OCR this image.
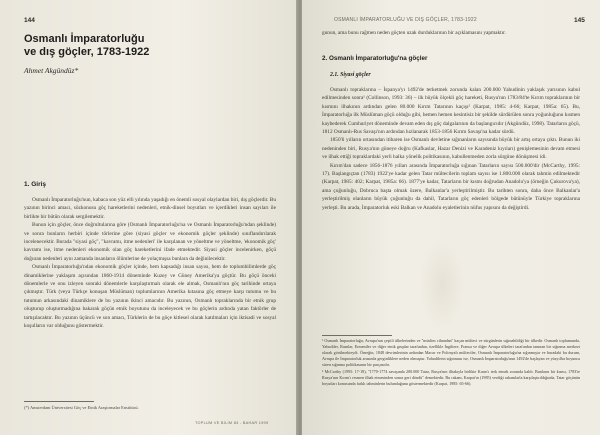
144
Osmanlı İmparatorluğu
ve dış göçler, 1783-1922
Ahmet Akgündüz*
1. Giriş

Osmanlı İmparatorluğu'nun, kabaca son yüz elli yılında yaşadığı en önemli sosyal olaylardan biri, dış göçlerdir. Bu yazının birinci amacı, sözkonusu göç hareketlerini nedenleri, etnik-dinsel boyutları ve içerdikleri insan sayıları ile birlikte bir bütün olarak sergilemektir.

Bunun için göçler, önce doğrultularına göre (Osmanlı İmparatorluğu'na ve Osmanlı İmparatorluğu'ndan şeklinde) ve sonra bunların herbiri içinde törlerine göre (siyasi göçler ve ekonomik göçler şeklinde) sınıflandırılarak incelenecektir. Burada "siyasi göç", "kavramı, itme nedenleri' ile karşılanan ve yöneltme ve yöneltme, 'ekonomik göç' kavramı ise, itme nedenleri ekonomik olan göç hareketlerini ifade etmektedir. Siyasi göçler incelenirken, göçü doğuran nedenleri aynı zamanda insanların ölümlerine de yolaçmışsa bunlara da değinilecektir.

Osmanlı İmparatorluğu'ndan ekonomik göçler içinde, hem kapsadığı insan sayısı, hem de toplumbilimlerde göç dinamiklerine yaklaşım açısından 1860-1914 döneminde Kuzey ve Güney Amerika'ya göçtür. Bu göçü önceki dönemlerle ve onu izleyen sonraki dönemlerle karşılaştırmalı olarak ele almak, Osmanlı'nın göç tarihinde ortaya çıkmıştır. Türk (veya Türkçe konuşan Müslüman) toplumlarının Amerika kıtasına göç etmeye karşı tutumu ve bu tutumun arkasındaki dinamiklere de bu yazının ikinci amacıdır. Bu yazının, Osmanlı topraklarında bir etnik grup oluşturup oluşturmadığına bakarak göçün etnik boyutunu da inceleyecek ve bu göçlerin ardında yatan faktörler de tartışılacaktır. Bu yazının üçüncü ve son amacı, Türklerin de bu göçe kitlesel olarak katılmaları için iktisadi ve sosyal koşulların var olduğunu göstermektir.

(*) Amsterdam Üniversitesi Göç ve Etnik Araştırmalar Enstitüsü.
TOPLUM VE BİLİM 83 - BAHAR 1999
OSMANLI İMPARATORLUĞU VE DIŞ GÖÇLER, 1783-1922	145

gunun, ama bunu rağmen neden göçten uzak durduklarının bir açıklamasını yapmaktır.

2. Osmanlı İmparatorluğu'na göçler
2.1. Siyasi göçler

Osmanlı topraklarına – İspanya'yı 1492'de terketmek zorunda kalan 200.000 Yahudinin yaklaşık yarısının kabul edilmesinden sonra¹ (Collinson, 1993: 36) – ilk büyük ölçekli göç hareketi, Rusya'nın 1783/84'te Kırım topraklarının bir kısmını ilhakının ardından gelen 80.000 Kırım Tatarının kaçışı² (Karpat, 1985: 4-66; Karpat, 1985a: 65). Bu, İmparatorluğa ilk Müslüman göçü olduğu gibi, hemen hemen kesintisiz bir şekilde sürdürülen sonra yoğunluğunu kısmen kaybederek Cumhuriyet döneminde devam eden dış göç dalgalarının da başlangıcıdır (Akgündüz, 1998). Tatarların göçü, 1812 Osmanlı-Rus Savaşı'nın ardından hızlanarak 1853-1856 Kırım Savaşı'na kadar sürdü.

1850'li yılların ortasından itibaren ise Osmanlı devletine sığınanların sayısında büyük bir artış ortaya çıktı. Bunun iki nedeninden biri, Rusya'nın güneye doğru (Kafkaslar, Hazar Denizi ve Karadeniz kıyıları) genişlemesinin devam etmesi ve ilhak ettiği topraklardaki yerli halka yönelik politikasının, kabullenmeden zorla sürgüne dönüşmesi idi.

Kırım'dan sadece 1856-1876 yılları arasında İmparatorluğa sığınan Tatarların sayısı 500.000'dir (McCarthy, 1995: 17). Başlangıçtan (1783) 1922'ye kadar gelen Tatar mültecilerin toplam sayısı ise 1.800.000 olarak tahmin edilmektedir (Karpat, 1985: 402; Karpat, 1985a: 66). 1877'ye kadar, Tatarların bir kısmı doğrudan Anadolu'ya (örneğin Çukurova'ya), ama çoğunluğu, Dobruca başta olmak üzere, Balkanlar'a yerleştirilmiştir. Bu tarihten sonra, daha önce Balkanlar'a yerleştirilmiş olanların büyük çoğunluğu da dahil, Tatarların göç edenleri bölgede bütünüyle Türkiye topraklarına yerleşti. Bu arada, İmparatorluk eski Balkan ve Anadolu eyaletlerinin nüfus yapısını da değiştirdi.

¹ Osmanlı İmparatorluğu, Avrupa'nın çeşitli ülkelerinden ve "müslim cihandan" kaçan mülteci ve sürgünlerin sığınabildiği bir ülkedir. Osmanlı toplumunda, Yahudiler, Rumlar, Ermeniler ve diğer etnik gruplar tarafından, özellikle İngiltere, Fransa ve diğer Avrupa ülkeleri tarafından tanınan bir sığınma merkezi olarak görülmekteydi. Örneğin, 1848 devrimlerinin ardından Macar ve Polonyalı mülteciler, Osmanlı İmparatorluğu'na sığınmıştır ve buradaki bu durum, Avrupa ile İmparatorluk arasında gerginliklere neden olmuştur. Yahudilerin sığınması ise, Osmanlı İmparatorluğu'nun 1492'de başlayan ve yüzyıllar boyunca süren sığınma politikasının bir parçasıdır.

² McCarthy (1995: 17-18), "1770-1774 savaşında 200.000 Tatar, Rusya'nın ilhakıyla birlikte Kırım'ı terk etmek zorunda kaldı. Bunların bir kısmı, 1783'te Rusya'nın Kırım'ı resmen ilhak etmesinden sonra geri döndü" demektedir. Bu rakam, Karpat'ın (1985) verdiği rakamlarla karşılaştırıldığında, Tatar göçünün boyutları konusunda farklı tahminlerin bulunduğunu göstermektedir (Karpat, 1985: 65-66).
